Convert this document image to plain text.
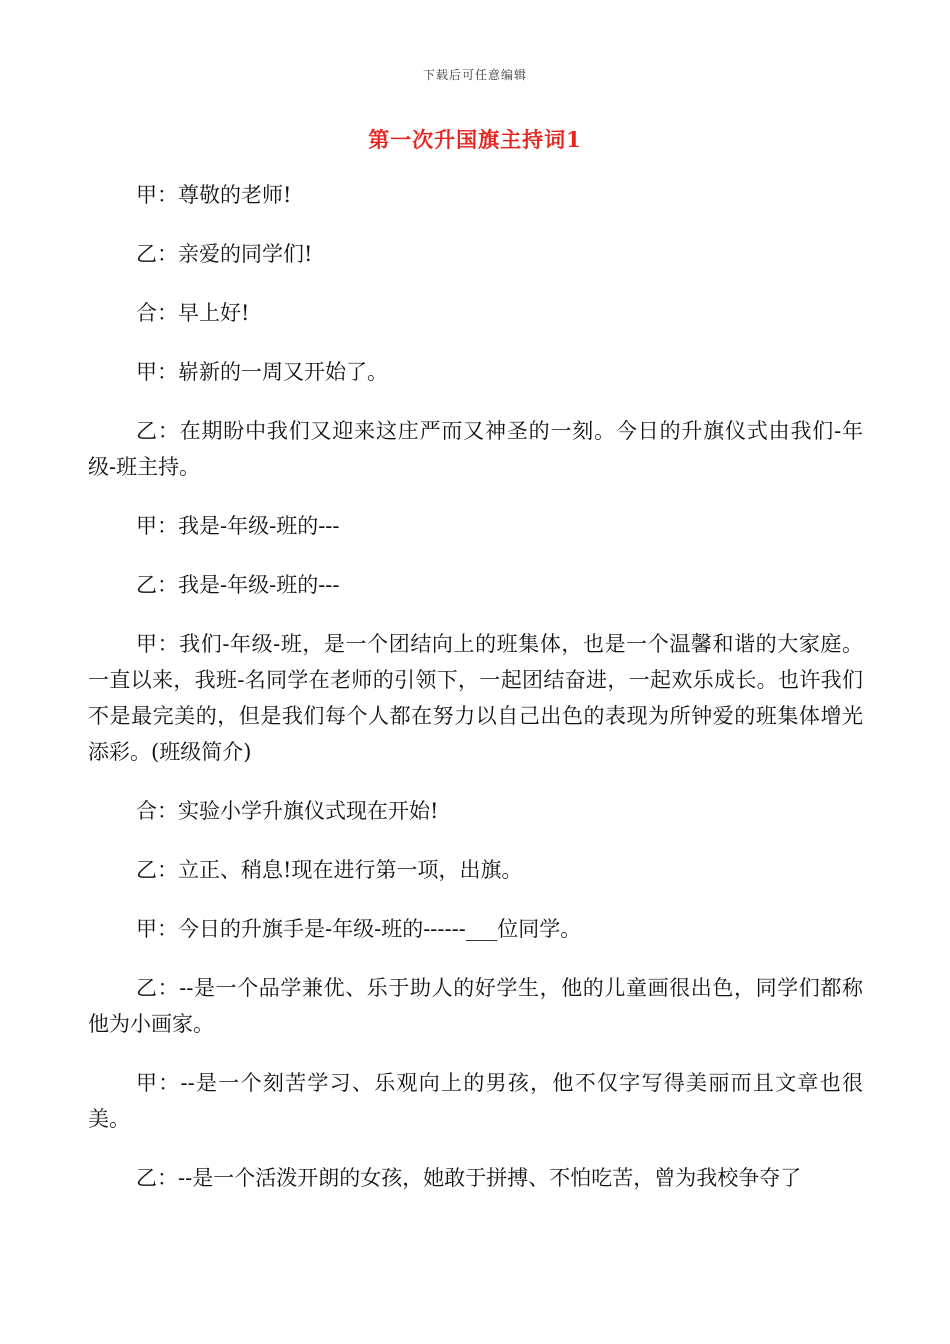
下载后可任意编辑
第一次升国旗主持词1

甲：尊敬的老师!

乙：亲爱的同学们!

合：早上好!

甲：崭新的一周又开始了。

乙：在期盼中我们又迎来这庄严而又神圣的一刻。今日的升旗仪式由我们-年级-班主持。

甲：我是-年级-班的---

乙：我是-年级-班的---

甲：我们-年级-班，是一个团结向上的班集体，也是一个温馨和谐的大家庭。一直以来，我班-名同学在老师的引领下，一起团结奋进，一起欢乐成长。也许我们不是最完美的，但是我们每个人都在努力以自己出色的表现为所钟爱的班集体增光添彩。(班级简介)

合：实验小学升旗仪式现在开始!

乙：立正、稍息!现在进行第一项，出旗。

甲：今日的升旗手是-年级-班的------___位同学。

乙：--是一个品学兼优、乐于助人的好学生，他的儿童画很出色，同学们都称他为小画家。

甲：--是一个刻苦学习、乐观向上的男孩，他不仅字写得美丽而且文章也很美。

乙：--是一个活泼开朗的女孩，她敢于拼搏、不怕吃苦，曾为我校争夺了
